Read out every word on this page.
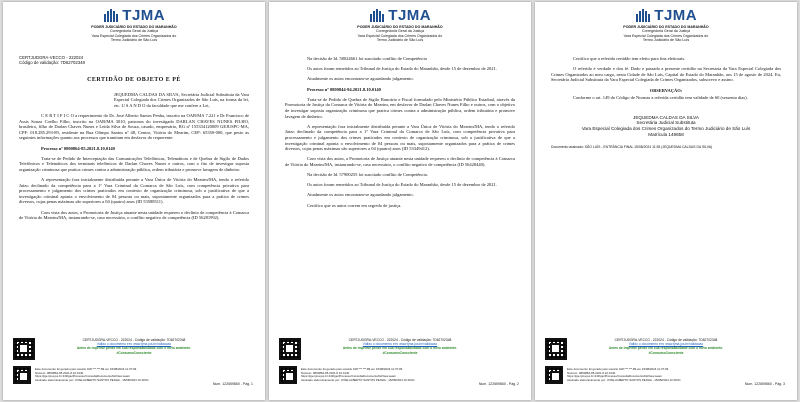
TJMA
PODER JUDICIÁRIO DO ESTADO DO MARANHÃO
Corregedoria Geral da Justiça
Vara Especial Colegiada dos Crimes Organizados do
Termo Judiciário de São Luís
CERTJUDGRA-VECCO - 222024
Código de validação: 7D62702348

CERTIDÃO DE OBJETO E PÉ

JEQUEDMA CALDAS DA SILVA, Secretária Judicial Substituta da Vara Especial Colegiada dos Crimes Organizados de São Luís, na forma da lei, etc. U S A N D O da faculdade que me confere a Lei,

C E R T I F I C O a requerimento do Dr. José Alberto Santos Penha, inscrito na OAB/MA 7.221 e Dr Francisco de Assis Souza Coelho Filho, inscrito na OAB/MA 3010, patronos do investigado DARLAN CHAVES NUNES FILHO, brasileiro, filho de Darlan Chaves Nunes e Leida Silva de Souza, casado, empresário, RG nº 155334120009 GEJUSPC-MA, CPF: 018.285.293-89, residente na Rua Olimpo Santos nº 48, Centro, Vitória do Mearim, CEP: 65350-000, que pesto as seguintes informações quanto aos processos que tramitam em desfavor do requerente:

Processo nº 0800864-85.2021.8.10.0140

Trata-se de Pedido de Interceptação das Comunicações Telefônicas, Telemáticas e de Quebra de Sigilo de Dados Telefônicos e Telemáticos dos terminais telefônicos de Darlan Chaves Nunes e outros, com o fito de investigar suposta organização criminosa que pratica crimes contra a administração pública, ordem tributária e promove lavagem de dinheiro.

A representação fora inicialmente distribuída perante a Vara Única de Vitória do Mearim/MA, tendo o referido Juízo declinado da competência para a 1ª Vara Criminal da Comarca de São Luís, com competência privativa para processamento e julgamento dos crimes praticados em contexto de organização criminosa, sob a justificativa de que a investigação criminal aponta o envolvimento de 04 pessoas ou mais, supostamente organizados para a prática de crimes diversos, cujas penas máximas são superiores a 04 (quatro) anos (ID 53588511).

Com vista dos autos, a Promotoria de Justiça atuante nesta unidade requereu o declínio de competência à Comarca de Vitória do Mearim/MA, instaurando-se, caso necessário, o conflito negativo de competência (ID 56281992).

CERTJUDGRA-VECCO - 222024 - Código de validação: 7D62702348
Válido o documento em: www.tjma.jus.br/validacao
Antes de imprimir pense em sua responsabilidade com o meio ambiente.
#ConsumoConsciente
Este documento foi gerado pelo usuário 018.***.***-89 em 15/08/2024 11:37:09
Número: 0800864-85.2021.8.10.0140
https://pje.tjma.jus.br:443/pje/Processo/ConsultaDocumento/listView.seam
Assinado eletronicamente por: JOSE ALBERTO SANTOS PENHA - 15/08/2024 10:18:01
Num. 122659860 - Pág. 1
TJMA
PODER JUDICIÁRIO DO ESTADO DO MARANHÃO
Corregedoria Geral da Justiça
Vara Especial Colegiada dos Crimes Organizados do
Termo Judiciário de São Luís

Na decisão de Id. 58024661 foi suscitado conflito de Competência

Os autos foram remetidos ao Tribunal de Justiça do Estado do Maranhão, desde 15 de dezembro de 2021.

Atualmente os autos encontram-se aguardando julgamento.

Processo nº 0800844-94.2021.8.10.0140

Trata-se de Pedido de Quebra de Sigilo Bancário e Fiscal formulado pelo Ministério Público Estadual, através da Promotoria de Justiça da Comarca de Vitória do Mearim, em desfavor de Darlan Chaves Nunes Filho e outros, com o objetivo de investigar suposta organização criminosa que pratica crimes contra a administração pública, ordem tributária e promove lavagem de dinheiro.

A representação fora inicialmente distribuída perante a Vara Única de Vitória do Mearim/MA, tendo o referido Juízo declinado da competência para a 1ª Vara Criminal da Comarca de São Luís, com competência privativa para processamento e julgamento dos crimes praticados em contexto de organização criminosa, sob a justificativa de que a investigação criminal aponta o envolvimento de 04 pessoas ou mais, supostamente organizados para a prática de crimes diversos, cujas penas máximas são superiores a 04 (quatro) anos (ID 53349412).

Com vista dos autos, a Promotoria de Justiça atuante nesta unidade requereu o declínio de competência à Comarca de Vitória do Mearim/MA, instaurando-se, caso necessário, o conflito negativo de competência (ID 56428440).

Na decisão de Id. 57900255 foi suscitado conflito de Competência.

Os autos foram remetidos ao Tribunal de Justiça do Estado do Maranhão, desde 15 de dezembro de 2021.

Atualmente os autos encontram-se aguardando julgamento.

Certifico que os autos correm em segredo de justiça.

CERTJUDGRA-VECCO - 222024 - Código de validação: 7D62702348
Válido o documento em: www.tjma.jus.br/validacao
Antes de imprimir pense em sua responsabilidade com o meio ambiente.
#ConsumoConsciente
Este documento foi gerado pelo usuário 018.***.***-89 em 15/08/2024 11:37:09
Número: 0800864-85.2021.8.10.0140
https://pje.tjma.jus.br:443/pje/Processo/ConsultaDocumento/listView.seam
Assinado eletronicamente por: JOSE ALBERTO SANTOS PENHA - 15/08/2024 10:18:01
Num. 122659860 - Pág. 2
TJMA
PODER JUDICIÁRIO DO ESTADO DO MARANHÃO
Corregedoria Geral da Justiça
Vara Especial Colegiada dos Crimes Organizados do
Termo Judiciário de São Luís

Certifico que a referida certidão tem efeito para fins eleitorais.

O referido é verdade e dou fé. Dado e passado a presente certidão na Secretaria da Vara Especial Colegiada dos Crimes Organizados ao meu cargo, nesta Cidade de São Luís, Capital do Estado do Maranhão, aos 15 de agosto de 2024. Eu, Secretária Judicial Substituta da Vara Especial Colegiada de Crimes Organizados, subscrevo e assino.

OBSERVAÇÃO:

Conforme o art. 149 do Código de Normas a referida certidão tem validade de 60 (sessenta dias).

JEQUEDMA CALDAS DA SILVA
Secretária Judicial Substituta
Vara Especial Colegiada dos Crimes Organizados do Termo Judiciário de São Luís
Matrícula 149658
Documento assinado: SÃO LUÍS - ENTRÂNCIA FINAL 15/08/2024 11:35 (JEQUEDMA CALDAS DA SILVA)
CERTJUDGRA-VECCO - 222024 - Código de validação: 7D62702348
Válido o documento em: www.tjma.jus.br/validacao
Antes de imprimir pense em sua responsabilidade com o meio ambiente.
#ConsumoConsciente
Este documento foi gerado pelo usuário 018.***.***-89 em 15/08/2024 11:37:09
Número: 0800864-85.2021.8.10.0140
https://pje.tjma.jus.br:443/pje/Processo/ConsultaDocumento/listView.seam
Assinado eletronicamente por: JOSE ALBERTO SANTOS PENHA - 15/08/2024 10:18:01
Num. 122659860 - Pág. 3
